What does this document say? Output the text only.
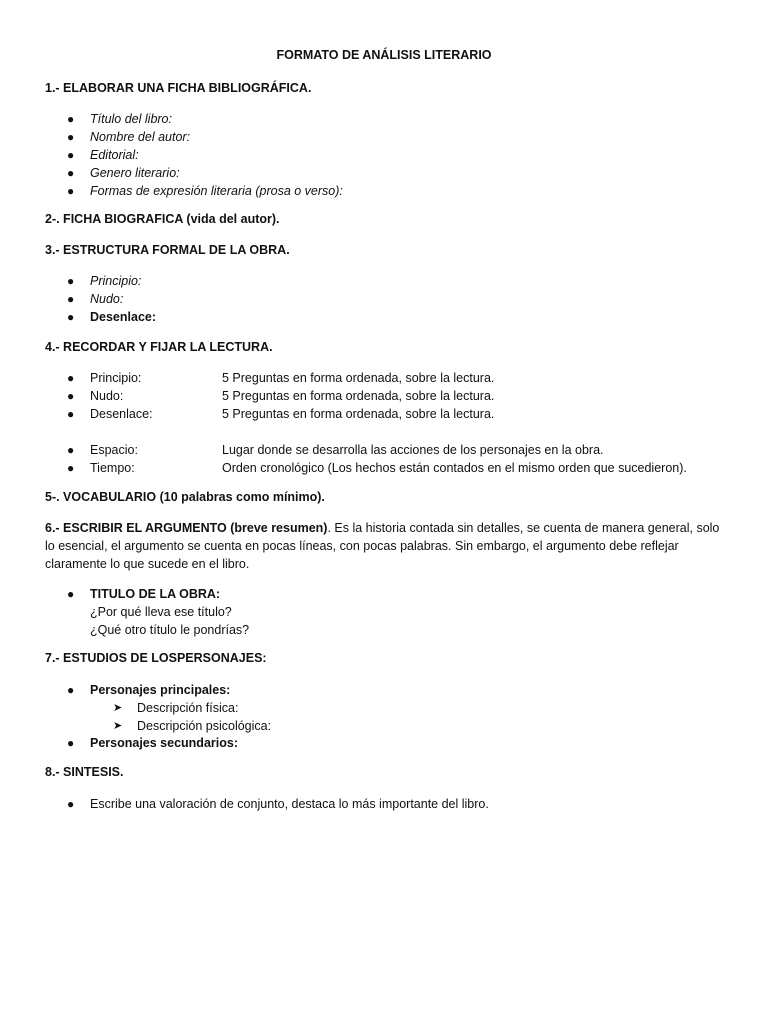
FORMATO DE ANÁLISIS LITERARIO
1.- ELABORAR UNA FICHA BIBLIOGRÁFICA.
● Título del libro:
● Nombre del autor:
● Editorial:
● Genero literario:
● Formas de expresión literaria (prosa o verso):
2-. FICHA BIOGRAFICA (vida del autor).
3.- ESTRUCTURA FORMAL DE LA OBRA.
● Principio:
● Nudo:
● Desenlace:
4.- RECORDAR Y FIJAR LA LECTURA.
● Principio:	5 Preguntas en forma ordenada, sobre la lectura.
● Nudo:	5 Preguntas en forma ordenada, sobre la lectura.
● Desenlace:	5 Preguntas en forma ordenada, sobre la lectura.
● Espacio:	Lugar donde se desarrolla las acciones de los personajes en la obra.
● Tiempo:	Orden cronológico (Los hechos están contados en el mismo orden que sucedieron).
5-. VOCABULARIO (10 palabras como mínimo).
6.- ESCRIBIR EL ARGUMENTO (breve resumen). Es la historia contada sin detalles, se cuenta de manera general, solo lo esencial, el argumento se cuenta en pocas líneas, con pocas palabras. Sin embargo, el argumento debe reflejar claramente lo que sucede en el libro.
● TITULO DE LA OBRA:
¿Por qué lleva ese título?
¿Qué otro título le pondrías?
7.- ESTUDIOS DE LOSPERSONAJES:
● Personajes principales:
➤ Descripción física:
➤ Descripción psicológica:
● Personajes secundarios:
8.- SINTESIS.
● Escribe una valoración de conjunto, destaca lo más importante del libro.
